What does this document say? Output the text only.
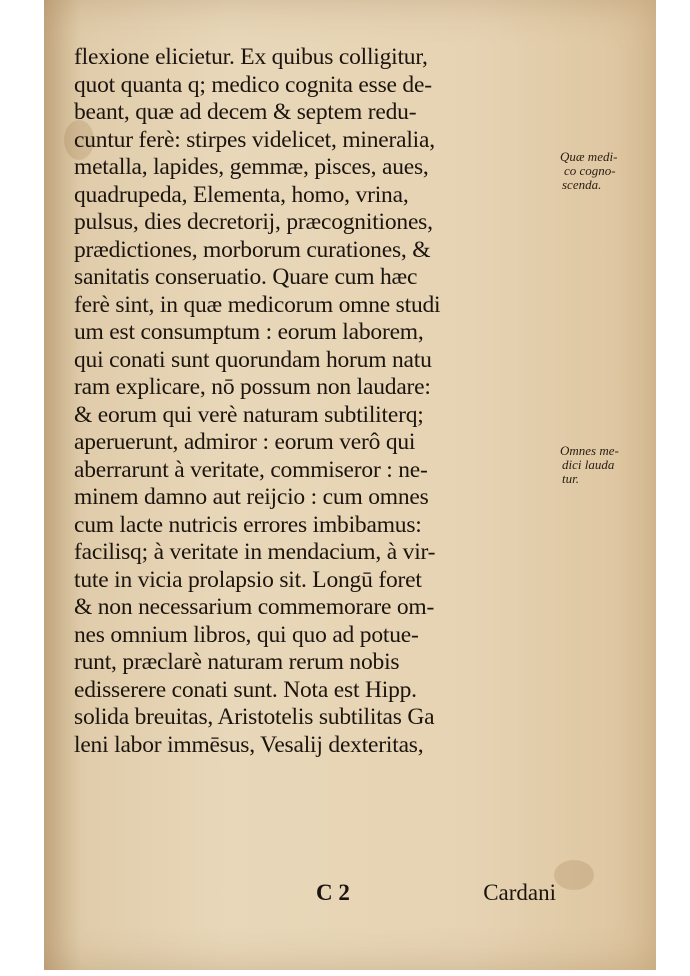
flexione elicietur. Ex quibus colligitur,
quot quanta q; medico cognita esse de-
beant, quæ ad decem & septem redu-
cuntur ferè: stirpes videlicet, mineralia,
metalla, lapides, gemmæ, pisces, aues,
quadrupeda, Elementa, homo, vrina,
pulsus, dies decretorij, præcognitiones,
prædictiones, morborum curationes, &
sanitatis conseruatio. Quare cum hæc
ferè sint, in quæ medicorum omne studi
um est consumptum : eorum laborem,
qui conati sunt quorundam horum natu
ram explicare, nō possum non laudare:
& eorum qui verè naturam subtiliterq;
aperuerunt, admiror : eorum verô qui
aberrarunt à veritate, commiseror : ne-
minem damno aut reijcio : cum omnes
cum lacte nutricis errores imbibamus:
facilisq; à veritate in mendacium, à vir-
tute in vicia prolapsio sit. Longū foret
& non necessarium commemorare om-
nes omnium libros, qui quo ad potue-
runt, præclarè naturam rerum nobis
edisserere conati sunt. Nota est Hipp.
solida breuitas, Aristotelis subtilitas Ga
leni labor immēsus, Vesalij dexteritas,
Quæ medi-
co cogno-
scenda.
Omnes me-
dici lauda
tur.
C 2	Cardani
